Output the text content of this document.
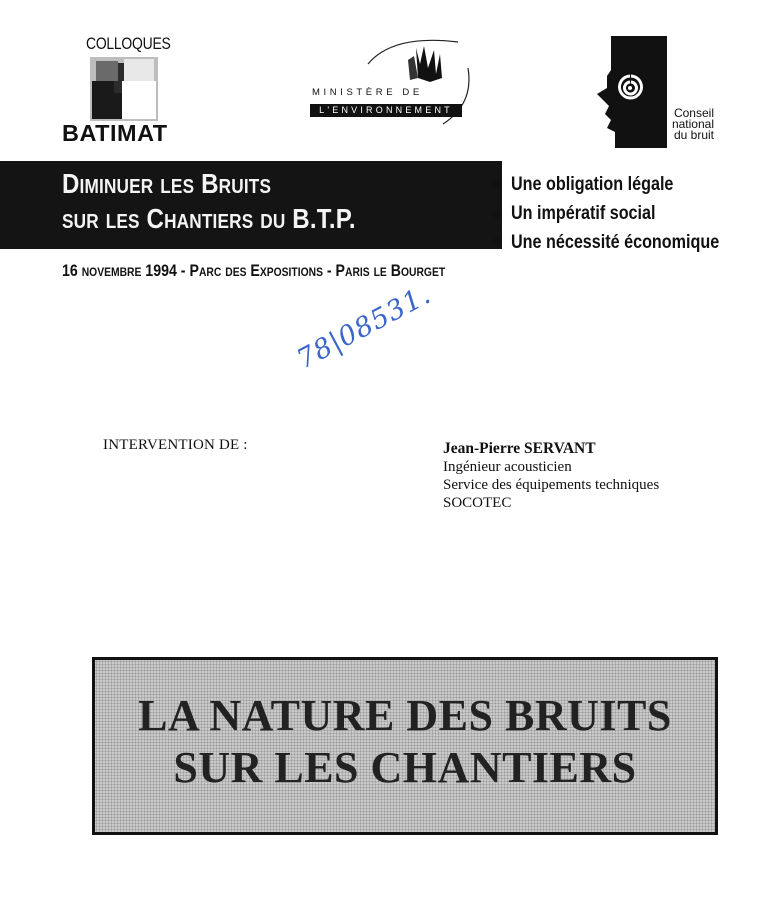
COLLOQUES
BATIMAT
MINISTÈRE DE
L'ENVIRONNEMENT	Conseil
national
du bruit
Diminuer les Bruits
sur les Chantiers du B.T.P.
Une obligation légale
Un impératif social
Une nécessité économique
16 novembre 1994 - Parc des Expositions - Paris le Bourget
78|08531.
INTERVENTION DE :	Jean-Pierre SERVANT
Ingénieur acousticien
Service des équipements techniques
SOCOTEC
LA NATURE DES BRUITS
SUR LES CHANTIERS
